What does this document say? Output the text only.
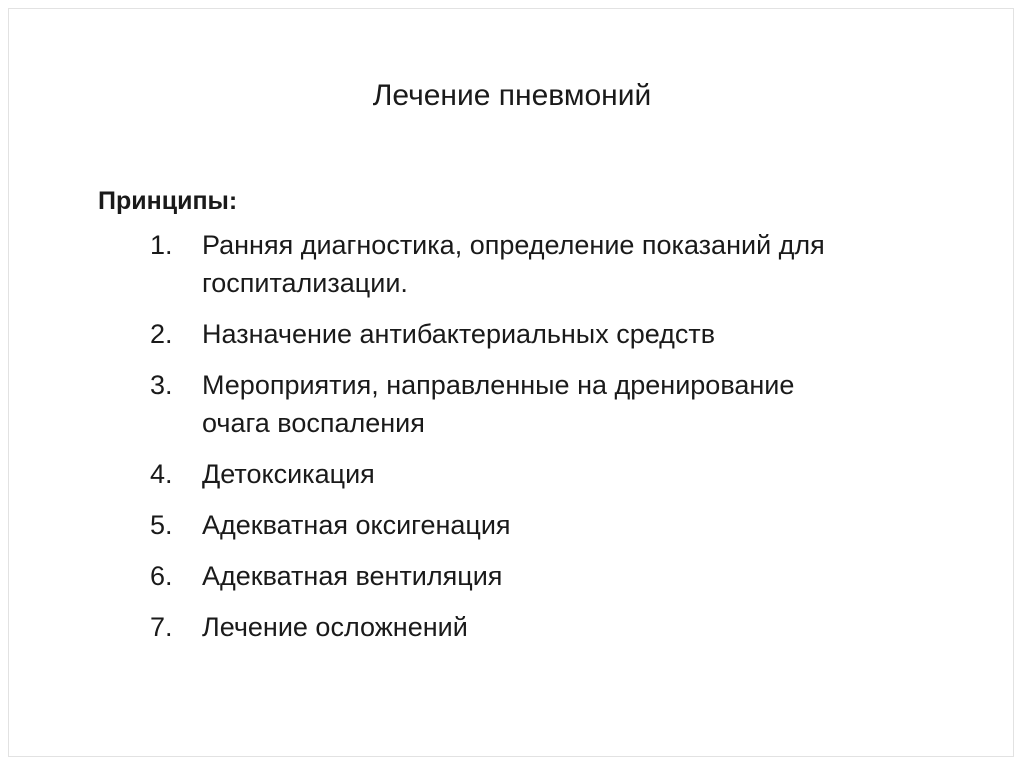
Лечение пневмоний
Принципы:
1.	Ранняя диагностика, определение показаний для
госпитализации.
2.	Назначение антибактериальных средств
3.	Мероприятия, направленные на дренирование
очага воспаления
4.	Детоксикация
5.	Адекватная оксигенация
6.	Адекватная вентиляция
7.	Лечение осложнений
